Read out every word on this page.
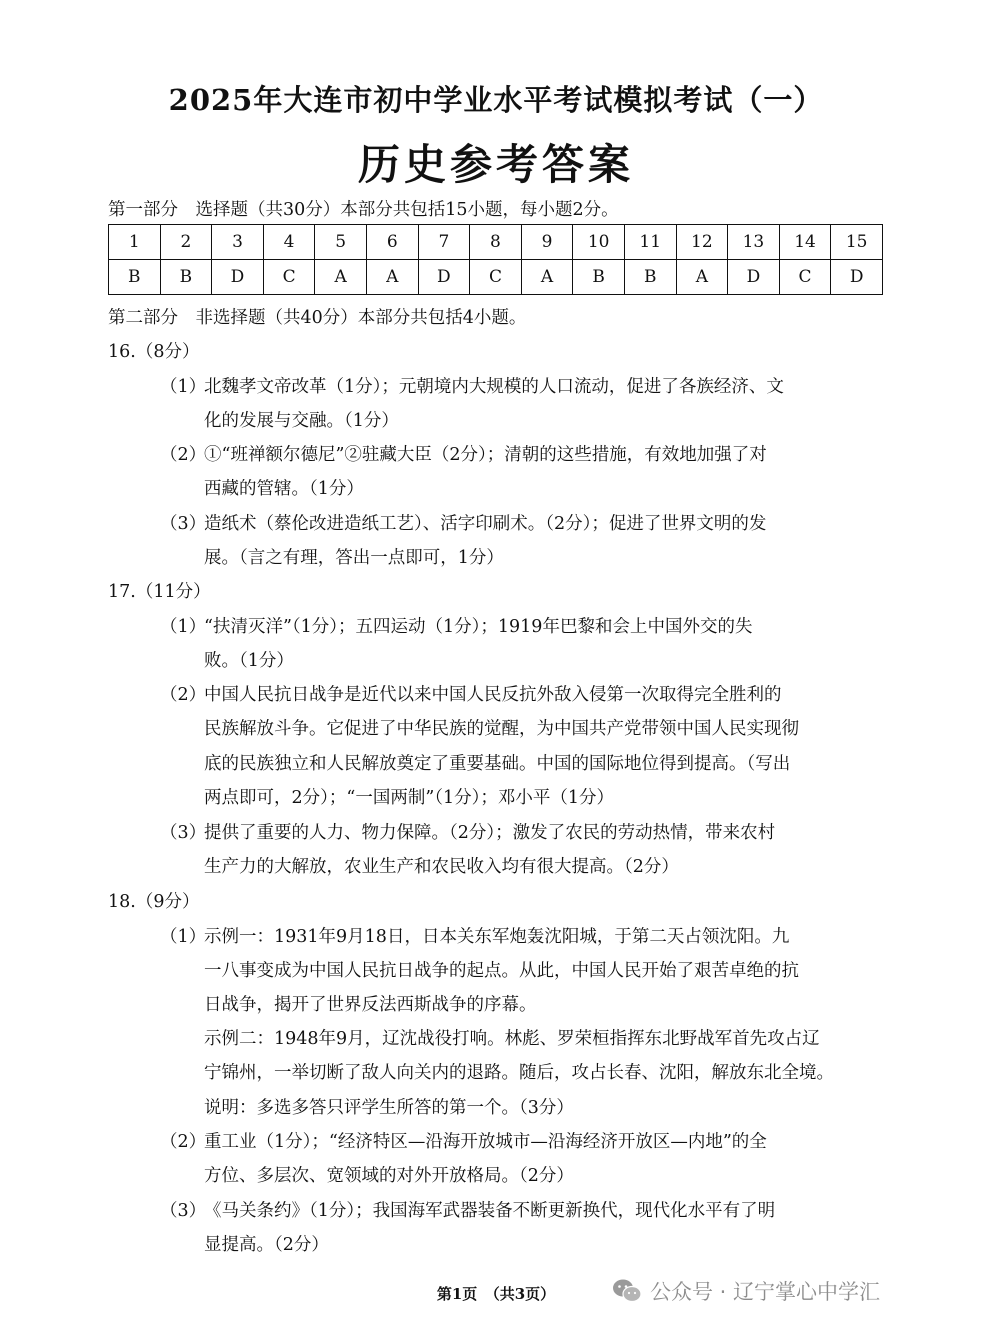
2025年大连市初中学业水平考试模拟考试（一）
历史参考答案
第一部分　选择题（共30分）本部分共包括15小题，每小题2分。
1	2	3	4	5	6	7	8	9	10	11	12	13	14	15
B	B	D	C	A	A	D	C	A	B	B	A	D	C	D
第二部分　非选择题（共40分）本部分共包括4小题。
16.（8分）
（1）
北魏孝文帝改革（1分）；元朝境内大规模的人口流动，促进了各族经济、文
化的发展与交融。（1分）
（2）
①“班禅额尔德尼”②驻藏大臣（2分）；清朝的这些措施，有效地加强了对
西藏的管辖。（1分）
（3）
造纸术（蔡伦改进造纸工艺）、活字印刷术。（2分）；促进了世界文明的发
展。（言之有理，答出一点即可，1分）
17.（11分）
（1）
“扶清灭洋”（1分）；五四运动（1分）；1919年巴黎和会上中国外交的失
败。（1分）
（2）
中国人民抗日战争是近代以来中国人民反抗外敌入侵第一次取得完全胜利的
民族解放斗争。它促进了中华民族的觉醒，为中国共产党带领中国人民实现彻
底的民族独立和人民解放奠定了重要基础。中国的国际地位得到提高。（写出
两点即可，2分）；“一国两制”（1分）；邓小平（1分）
（3）
提供了重要的人力、物力保障。（2分）；激发了农民的劳动热情，带来农村
生产力的大解放，农业生产和农民收入均有很大提高。（2分）
18.（9分）
（1）
示例一：1931年9月18日，日本关东军炮轰沈阳城，于第二天占领沈阳。九
一八事变成为中国人民抗日战争的起点。从此，中国人民开始了艰苦卓绝的抗
日战争，揭开了世界反法西斯战争的序幕。
示例二：1948年9月，辽沈战役打响。林彪、罗荣桓指挥东北野战军首先攻占辽
宁锦州，一举切断了敌人向关内的退路。随后，攻占长春、沈阳，解放东北全境。
说明：多选多答只评学生所答的第一个。（3分）
（2）
重工业（1分）；“经济特区—沿海开放城市—沿海经济开放区—内地”的全
方位、多层次、宽领域的对外开放格局。（2分）
（3）
《马关条约》（1分）；我国海军武器装备不断更新换代，现代化水平有了明
显提高。（2分）
第1页　（共3页）	公众号 · 辽宁掌心中学汇
